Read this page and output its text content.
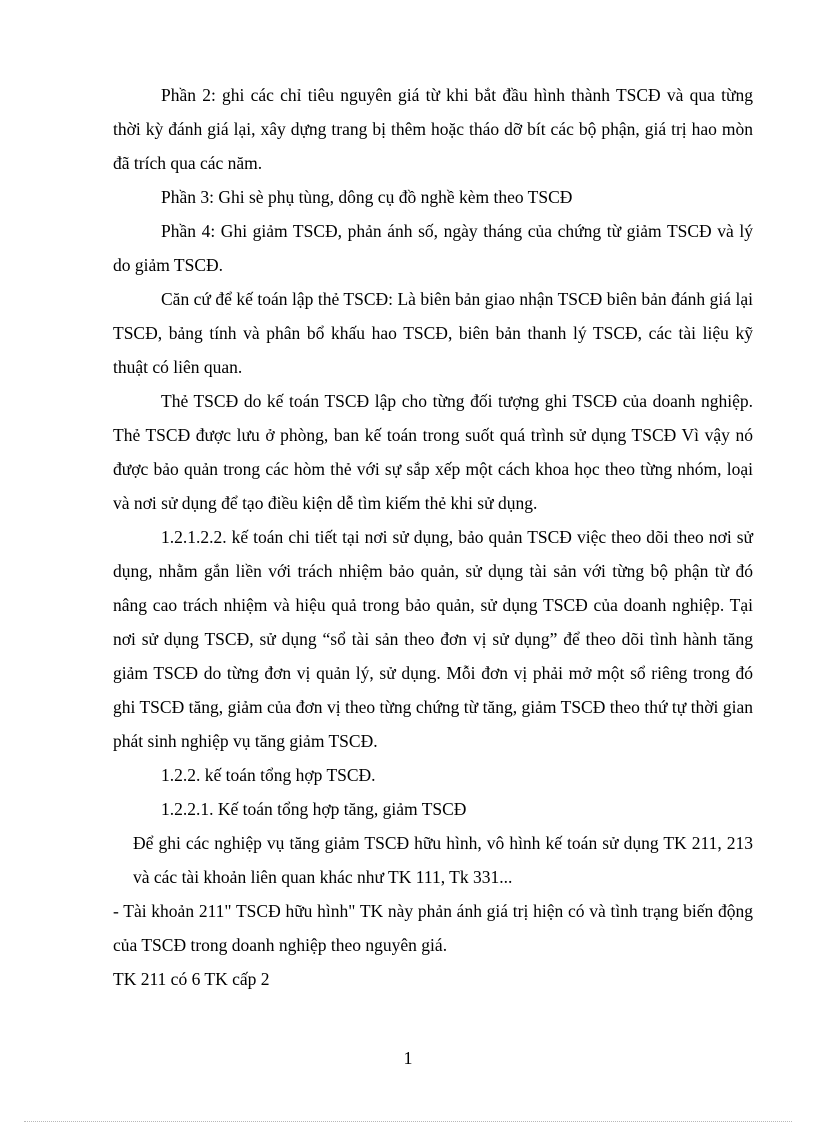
Phần 2: ghi các chỉ tiêu nguyên giá từ khi bắt đầu hình thành TSCĐ và qua từng thời kỳ đánh giá lại, xây dựng trang bị thêm hoặc tháo dỡ bít các bộ phận, giá trị hao mòn đã trích qua các năm.

Phần 3: Ghi sè phụ tùng, dông cụ đồ nghề kèm theo TSCĐ

Phần 4: Ghi giảm TSCĐ, phản ánh số, ngày tháng của chứng từ giảm TSCĐ và lý do giảm TSCĐ.

Căn cứ để kế toán lập thẻ TSCĐ: Là biên bản giao nhận TSCĐ biên bản đánh giá lại TSCĐ, bảng tính và phân bổ khấu hao TSCĐ, biên bản thanh lý TSCĐ, các tài liệu kỹ thuật có liên quan.

Thẻ TSCĐ do kế toán TSCĐ lập cho từng đối tượng ghi TSCĐ của doanh nghiệp. Thẻ TSCĐ được lưu ở phòng, ban kế toán trong suốt quá trình sử dụng TSCĐ Vì vậy nó được bảo quản trong các hòm thẻ với sự sắp xếp một cách khoa học theo từng nhóm, loại và nơi sử dụng để tạo điều kiện dễ tìm kiếm thẻ khi sử dụng.

1.2.1.2.2. kế toán chi tiết tại nơi sử dụng, bảo quản TSCĐ việc theo dõi theo nơi sử dụng, nhằm gắn liền với trách nhiệm bảo quản, sử dụng tài sản với từng bộ phận từ đó nâng cao trách nhiệm và hiệu quả trong bảo quản, sử dụng TSCĐ của doanh nghiệp. Tại nơi sử dụng TSCĐ, sử dụng “sổ tài sản theo đơn vị sử dụng” để theo dõi tình hành tăng giảm TSCĐ do từng đơn vị quản lý, sử dụng. Mỗi đơn vị phải mở một sổ riêng trong đó ghi TSCĐ tăng, giảm của đơn vị theo từng chứng từ tăng, giảm TSCĐ theo thứ tự thời gian phát sinh nghiệp vụ tăng giảm TSCĐ.

1.2.2. kế toán tổng hợp TSCĐ.

1.2.2.1. Kế toán tổng hợp tăng, giảm TSCĐ

Để ghi các nghiệp vụ tăng giảm TSCĐ hữu hình, vô hình kế toán sử dụng TK 211, 213 và các tài khoản liên quan khác như TK 111, Tk 331...

- Tài khoản 211" TSCĐ hữu hình" TK này phản ánh giá trị hiện có và tình trạng biến động của TSCĐ trong doanh nghiệp theo nguyên giá.

TK 211 có 6 TK cấp 2

1
